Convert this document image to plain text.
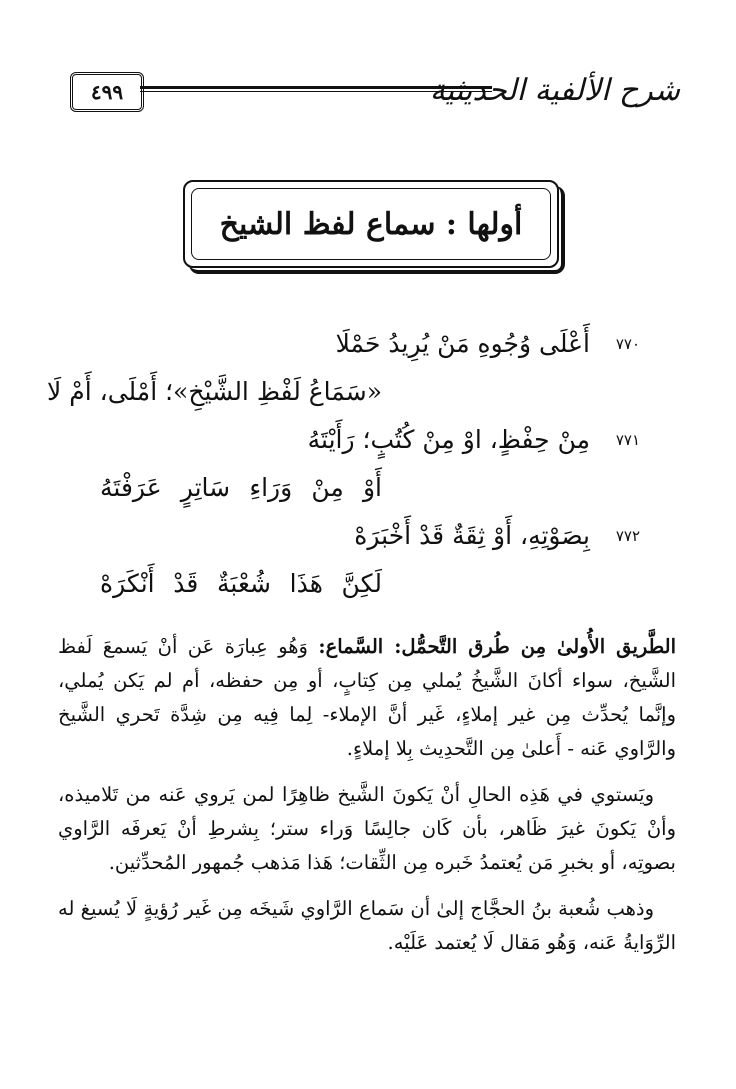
٤٩٩	شرح الألفية الحديثية
أولها : سماع لفظ الشيخ
٧٧٠
أَعْلَى وُجُوهِ مَنْ يُرِيدُ حَمْلَا
«سَمَاعُ لَفْظِ الشَّيْخِ»؛ أَمْلَى، أَمْ لَا
٧٧١
مِنْ حِفْظٍ، اوْ مِنْ كُتُبٍ؛ رَأَيْتَهُ
أَوْ مِنْ وَرَاءِ سَاتِرٍ عَرَفْتَهُ
٧٧٢
بِصَوْتِهِ، أَوْ ثِقَةٌ قَدْ أَخْبَرَهْ
لَكِنَّ هَذَا شُعْبَةٌ قَدْ أَنْكَرَهْ

الطَّريق الأُولىٰ مِن طُرق التَّحمُّل: السَّماع: وَهُو عِبارَة عَن أنْ يَسمعَ لَفظ الشَّيخ، سواء أكانَ الشَّيخُ يُملي مِن كِتابٍ، أو مِن حفظه، أم لم يَكن يُملي، وإنَّما يُحدِّث مِن غير إملاءٍ، غَير أنَّ الإملاء- لِما فِيه مِن شِدَّة تَحري الشَّيخ والرَّاوي عَنه - أَعلىٰ مِن التَّحدِيث بِلا إملاءٍ.

ويَستوي في هَذِه الحالِ أنْ يَكونَ الشَّيخ ظاهِرًا لمن يَروي عَنه من تَلاميذه، وأنْ يَكونَ غيرَ ظَاهر، بأن كَان جالِسًا وَراء ستر؛ بِشرطِ أنْ يَعرفَه الرَّاوي بصوتِه، أو بخبرِ مَن يُعتمدُ خَبره مِن الثِّقات؛ هَذا مَذهب جُمهور المُحدِّثين.

وذهب شُعبة بنُ الحجَّاج إلىٰ أن سَماع الرَّاوي شَيخَه مِن غَير رُؤيةٍ لَا يُسيغ له الرِّوَايةُ عَنه، وَهُو مَقال لَا يُعتمد عَلَيْه.
